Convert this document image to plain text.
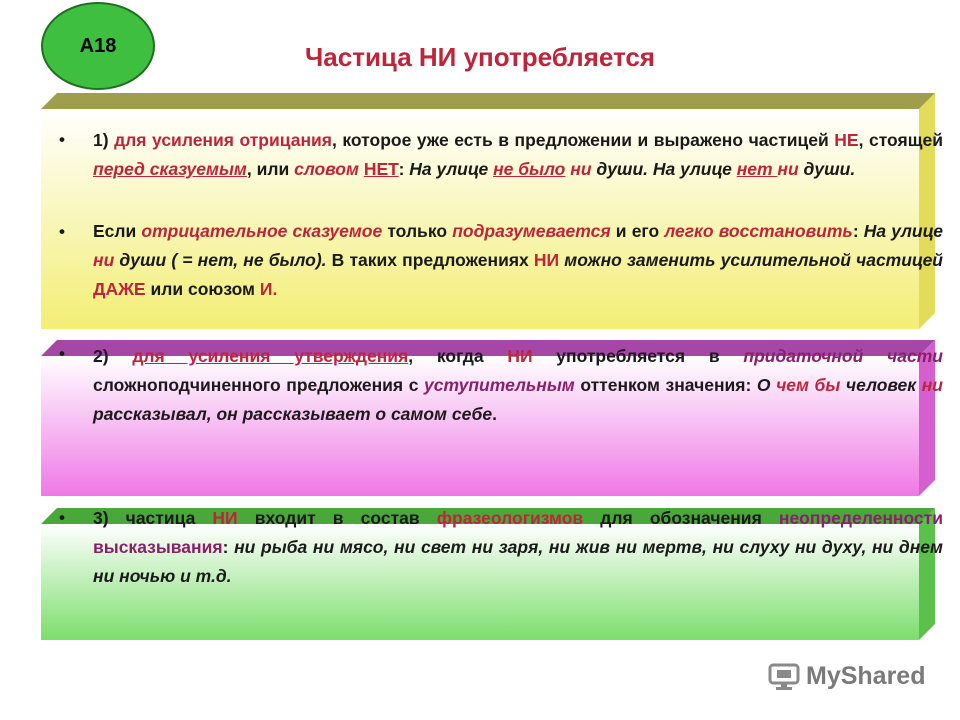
А18	Частица НИ употребляется
• 1) для усиления отрицания, которое уже есть в предложении и выражено частицей НЕ, стоящей перед сказуемым, или словом НЕТ: На улице не было ни души. На улице нет ни души.
• Если отрицательное сказуемое только подразумевается и его легко восстановить: На улице ни души ( = нет, не было). В таких предложениях НИ можно заменить усилительной частицей ДАЖЕ или союзом И.
• 2) для усиления утверждения, когда НИ употребляется в придаточной части сложноподчиненного предложения с уступительным оттенком значения: О чем бы человек ни рассказывал, он рассказывает о самом себе.
• 3) частица НИ входит в состав фразеологизмов для обозначения неопределенности высказывания: ни рыба ни мясо, ни свет ни заря, ни жив ни мертв, ни слуху ни духу, ни днем ни ночью и т.д.
MyShared
